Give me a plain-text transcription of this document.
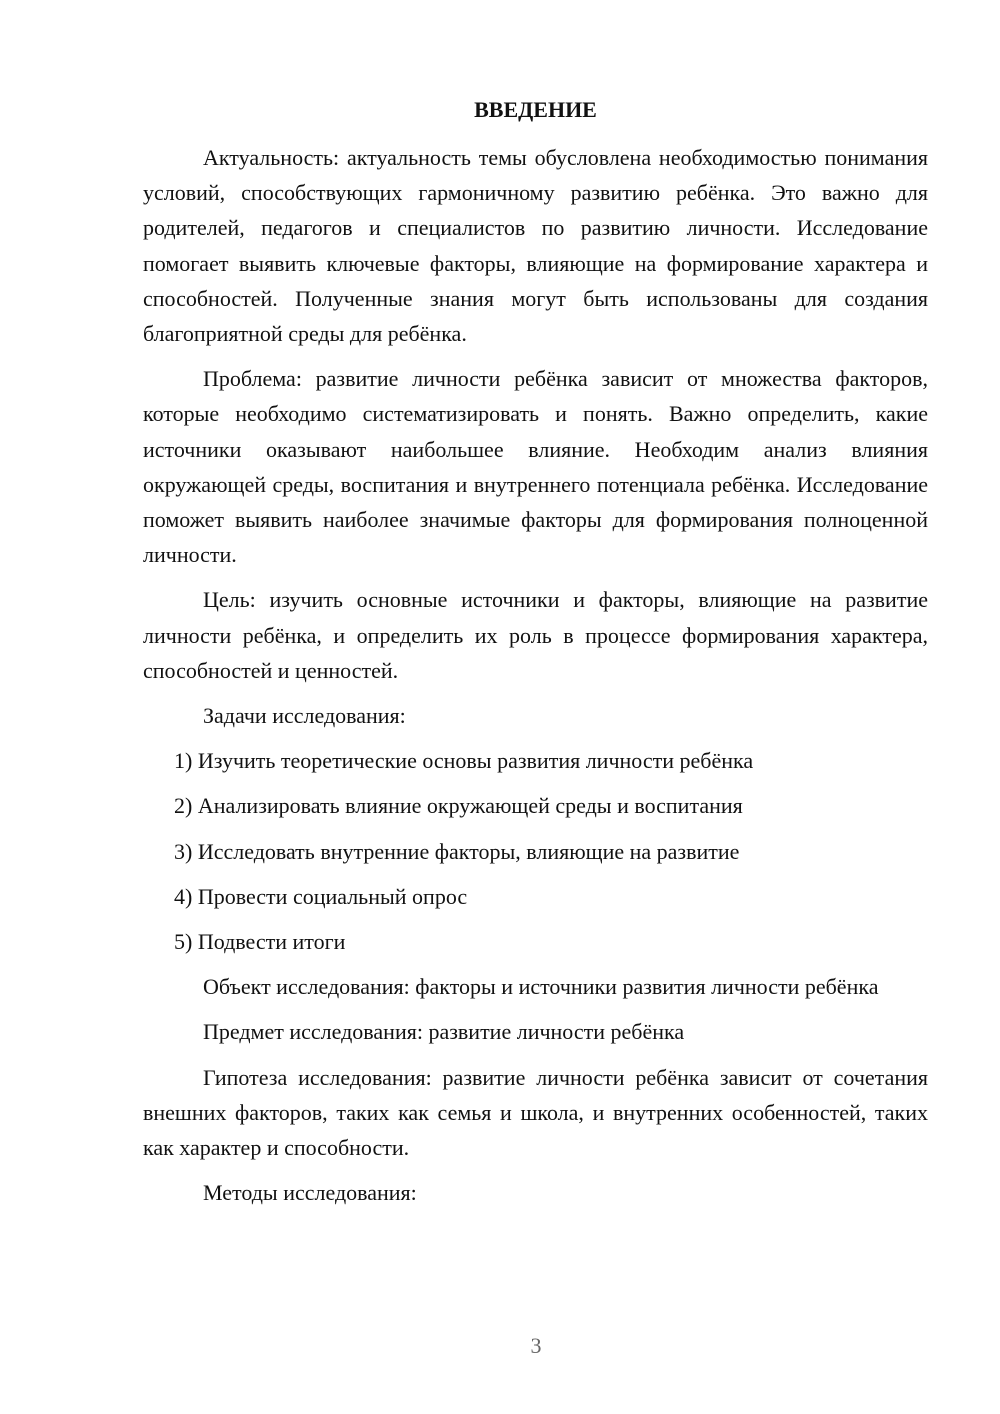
ВВЕДЕНИЕ

Актуальность: актуальность темы обусловлена необходимостью понимания условий, способствующих гармоничному развитию ребёнка. Это важно для родителей, педагогов и специалистов по развитию личности. Исследование помогает выявить ключевые факторы, влияющие на формирование характера и способностей. Полученные знания могут быть использованы для создания благоприятной среды для ребёнка.

Проблема: развитие личности ребёнка зависит от множества факторов, которые необходимо систематизировать и понять. Важно определить, какие источники оказывают наибольшее влияние. Необходим анализ влияния окружающей среды, воспитания и внутреннего потенциала ребёнка. Исследование поможет выявить наиболее значимые факторы для формирования полноценной личности.

Цель: изучить основные источники и факторы, влияющие на развитие личности ребёнка, и определить их роль в процессе формирования характера, способностей и ценностей.

Задачи исследования:

1) Изучить теоретические основы развития личности ребёнка

2) Анализировать влияние окружающей среды и воспитания

3) Исследовать внутренние факторы, влияющие на развитие

4) Провести социальный опрос

5) Подвести итоги

Объект исследования: факторы и источники развития личности ребёнка

Предмет исследования: развитие личности ребёнка

Гипотеза исследования: развитие личности ребёнка зависит от сочетания внешних факторов, таких как семья и школа, и внутренних особенностей, таких как характер и способности.

Методы исследования:

3
